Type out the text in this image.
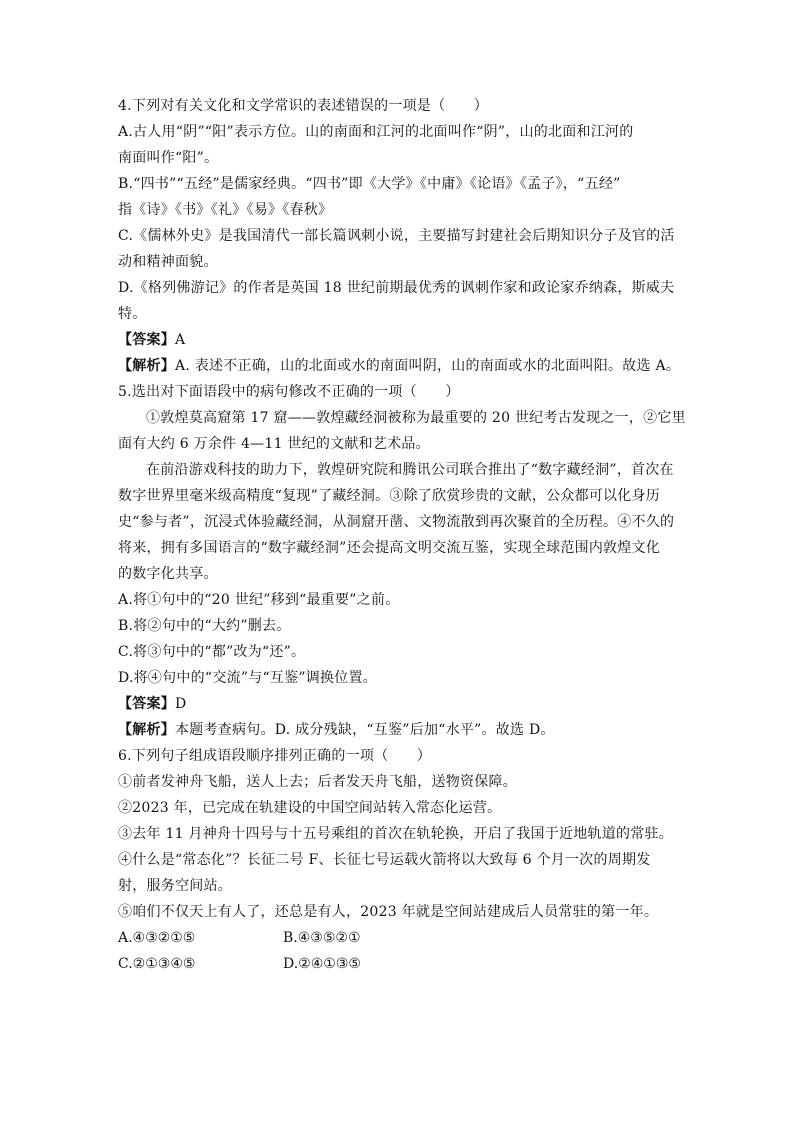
4.下列对有关文化和文学常识的表述错误的一项是（　　）
A.古人用“阴”“阳”表示方位。山的南面和江河的北面叫作“阴”，山的北面和江河的
南面叫作“阳”。
B.“四书”“五经”是儒家经典。“四书”即《大学》《中庸》《论语》《孟子》，“五经”
指《诗》《书》《礼》《易》《春秋》
C.《儒林外史》是我国清代一部长篇讽刺小说，主要描写封建社会后期知识分子及官的活
动和精神面貌。
D.《格列佛游记》的作者是英国 18 世纪前期最优秀的讽刺作家和政论家乔纳森，斯威夫
特。
【答案】A
【解析】A. 表述不正确，山的北面或水的南面叫阴，山的南面或水的北面叫阳。故选 A。
5.选出对下面语段中的病句修改不正确的一项（　　）
①敦煌莫高窟第 17 窟——敦煌藏经洞被称为最重要的 20 世纪考古发现之一，②它里
面有大约 6 万余件 4—11 世纪的文献和艺术品。
在前沿游戏科技的助力下，敦煌研究院和腾讯公司联合推出了“数字藏经洞”，首次在
数字世界里毫米级高精度“复现”了藏经洞。③除了欣赏珍贵的文献，公众都可以化身历
史“参与者”，沉浸式体验藏经洞，从洞窟开凿、文物流散到再次聚首的全历程。④不久的
将来，拥有多国语言的“数字藏经洞”还会提高文明交流互鉴，实现全球范围内敦煌文化
的数字化共享。
A.将①句中的“20 世纪”移到“最重要”之前。
B.将②句中的“大约”删去。
C.将③句中的“都”改为“还”。
D.将④句中的“交流”与“互鉴”调换位置。
【答案】D
【解析】本题考查病句。D. 成分残缺，“互鉴”后加“水平”。故选 D。
6.下列句子组成语段顺序排列正确的一项（　　）
①前者发神舟飞船，送人上去；后者发天舟飞船，送物资保障。
②2023 年，已完成在轨建设的中国空间站转入常态化运营。
③去年 11 月神舟十四号与十五号乘组的首次在轨轮换，开启了我国于近地轨道的常驻。
④什么是“常态化”？长征二号 F、长征七号运载火箭将以大致每 6 个月一次的周期发
射，服务空间站。
⑤咱们不仅天上有人了，还总是有人，2023 年就是空间站建成后人员常驻的第一年。
A.④③②①⑤	B.④③⑤②①
C.②①③④⑤	D.②④①③⑤
